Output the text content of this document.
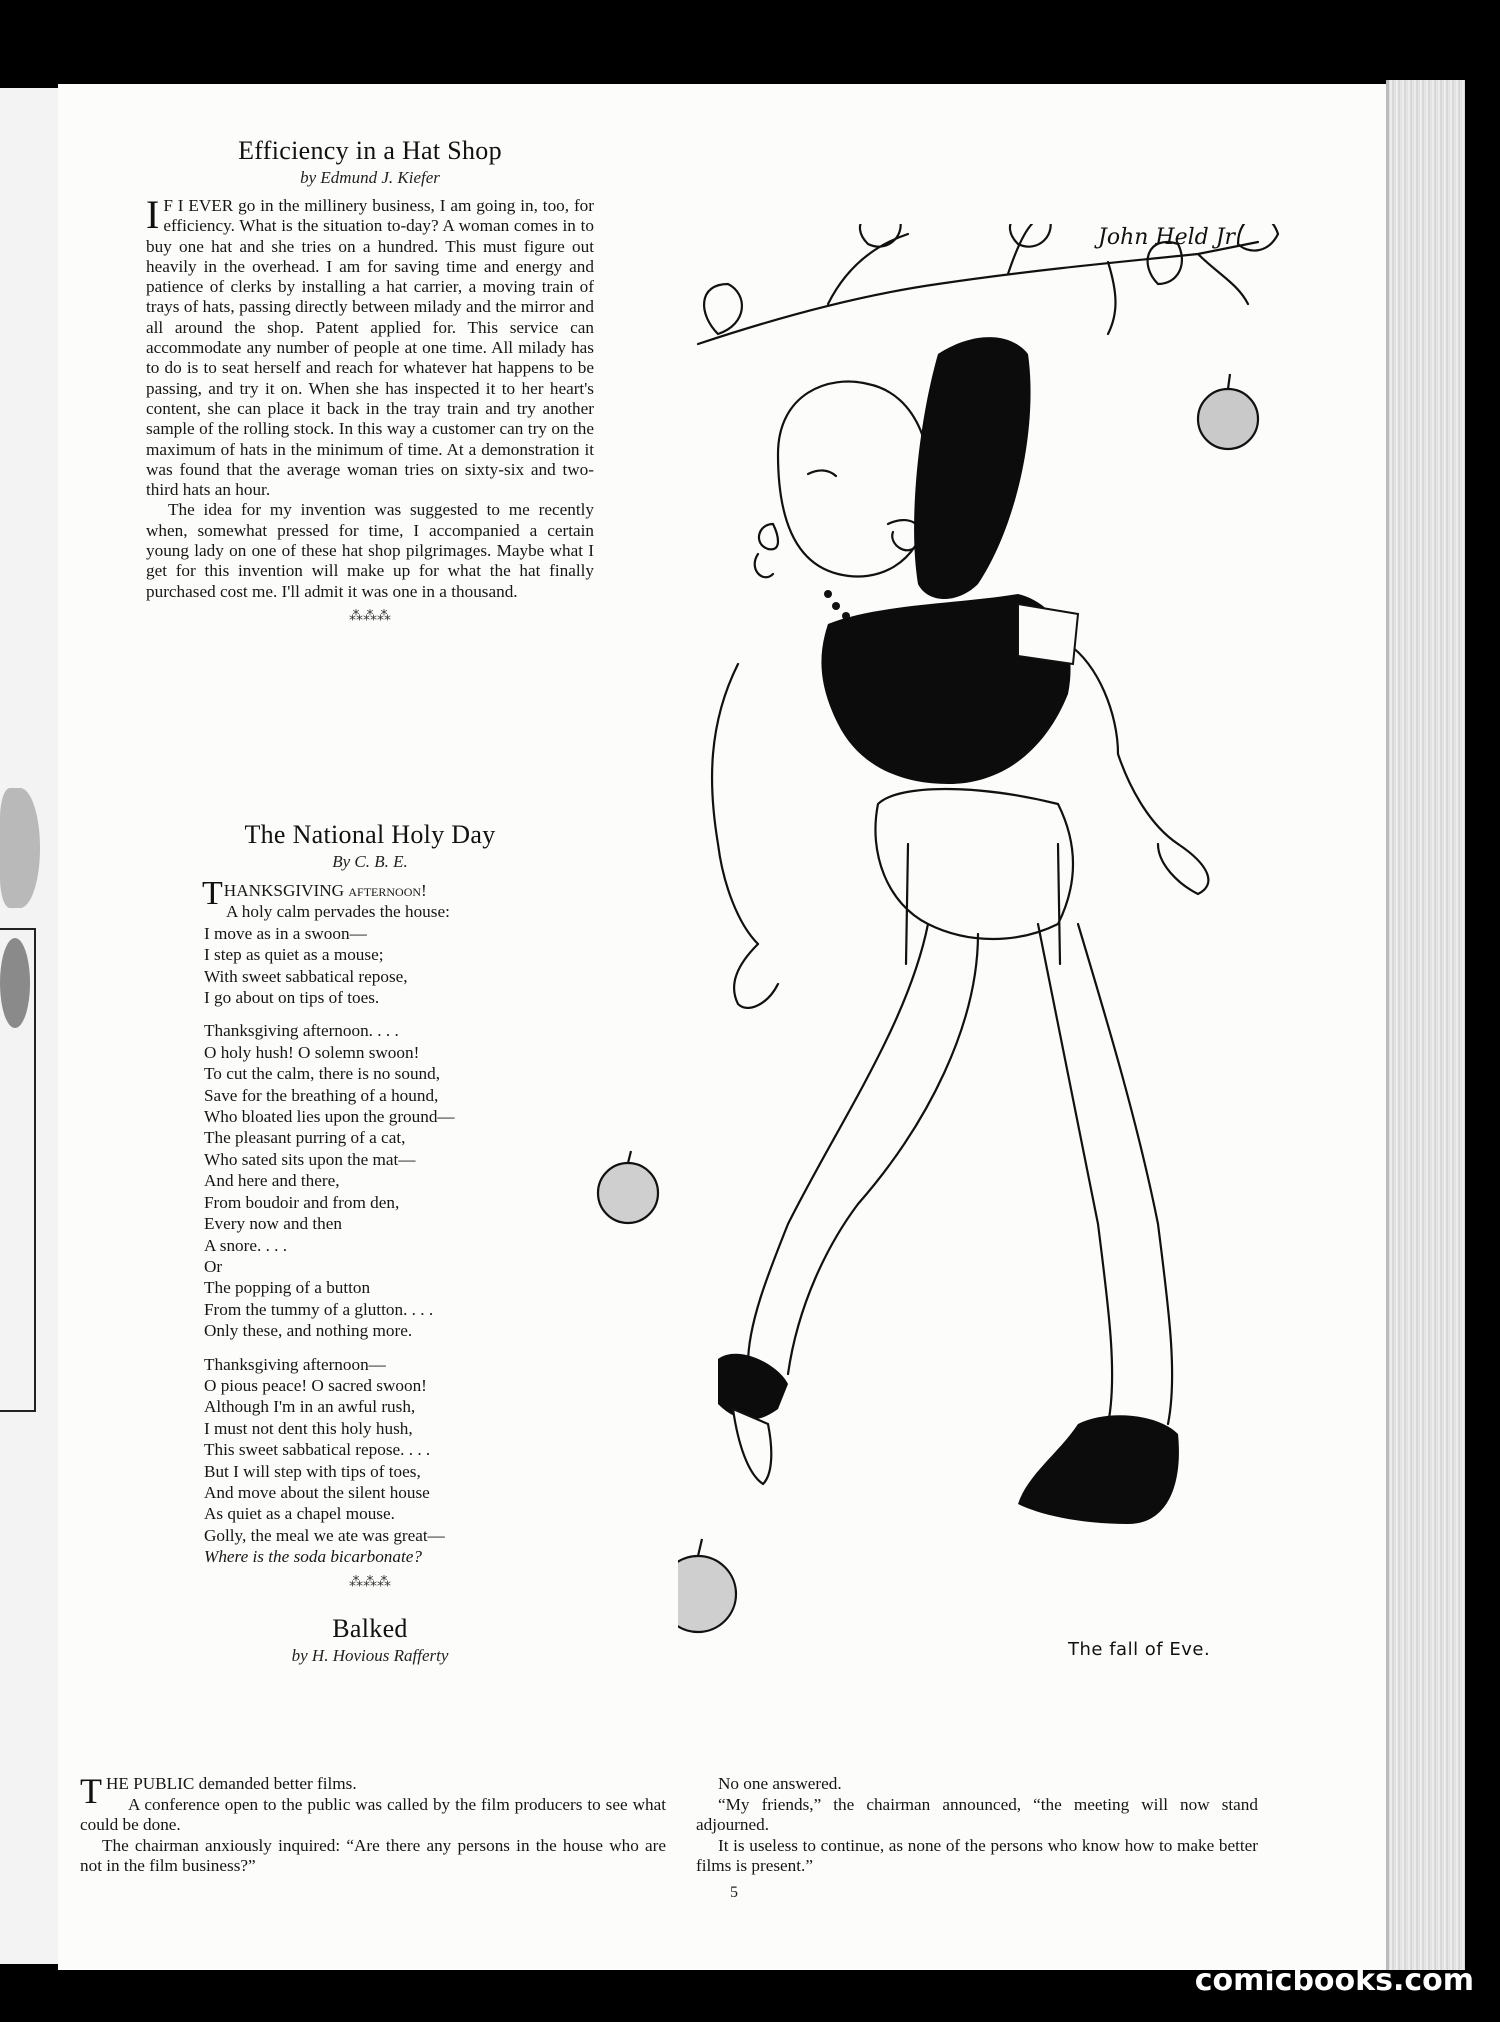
Efficiency in a Hat Shop
by Edmund J. Kiefer

I F I EVER go in the millinery business, I am going in, too, for efficiency. What is the situation to-day? A woman comes in to buy one hat and she tries on a hundred. This must figure out heavily in the overhead. I am for saving time and energy and patience of clerks by installing a hat carrier, a moving train of trays of hats, passing directly between milady and the mirror and all around the shop. Patent applied for. This service can accommodate any number of people at one time. All milady has to do is to seat herself and reach for whatever hat happens to be passing, and try it on. When she has inspected it to her heart's content, she can place it back in the tray train and try another sample of the rolling stock. In this way a customer can try on the maximum of hats in the minimum of time. At a demonstration it was found that the average woman tries on sixty-six and two-third hats an hour.

The idea for my invention was suggested to me recently when, somewhat pressed for time, I accompanied a certain young lady on one of these hat shop pilgrimages. Maybe what I get for this invention will make up for what the hat finally purchased cost me. I'll admit it was one in a thousand.

⁂⁂⁂
The National Holy Day
By C. B. E.
THANKSGIVING afternoon!
A holy calm pervades the house:
I move as in a swoon—
I step as quiet as a mouse;
With sweet sabbatical repose,
I go about on tips of toes.
Thanksgiving afternoon. . . .
O holy hush! O solemn swoon!
To cut the calm, there is no sound,
Save for the breathing of a hound,
Who bloated lies upon the ground—
The pleasant purring of a cat,
Who sated sits upon the mat—
And here and there,
From boudoir and from den,
Every now and then
A snore. . . .
Or
The popping of a button
From the tummy of a glutton. . . .
Only these, and nothing more.
Thanksgiving afternoon—
O pious peace! O sacred swoon!
Although I'm in an awful rush,
I must not dent this holy hush,
This sweet sabbatical repose. . . .
But I will step with tips of toes,
And move about the silent house
As quiet as a chapel mouse.
Golly, the meal we ate was great—
Where is the soda bicarbonate?
⁂⁂⁂
Balked
by H. Hovious Rafferty

THE PUBLIC demanded better films.

A conference open to the public was called by the film producers to see what could be done.

The chairman anxiously inquired: “Are there any persons in the house who are not in the film business?”

No one answered.

“My friends,” the chairman announced, “the meeting will now stand adjourned.

It is useless to continue, as none of the persons who know how to make better films is present.”

John Held Jr
The fall of Eve.
5
comicbooks.com
